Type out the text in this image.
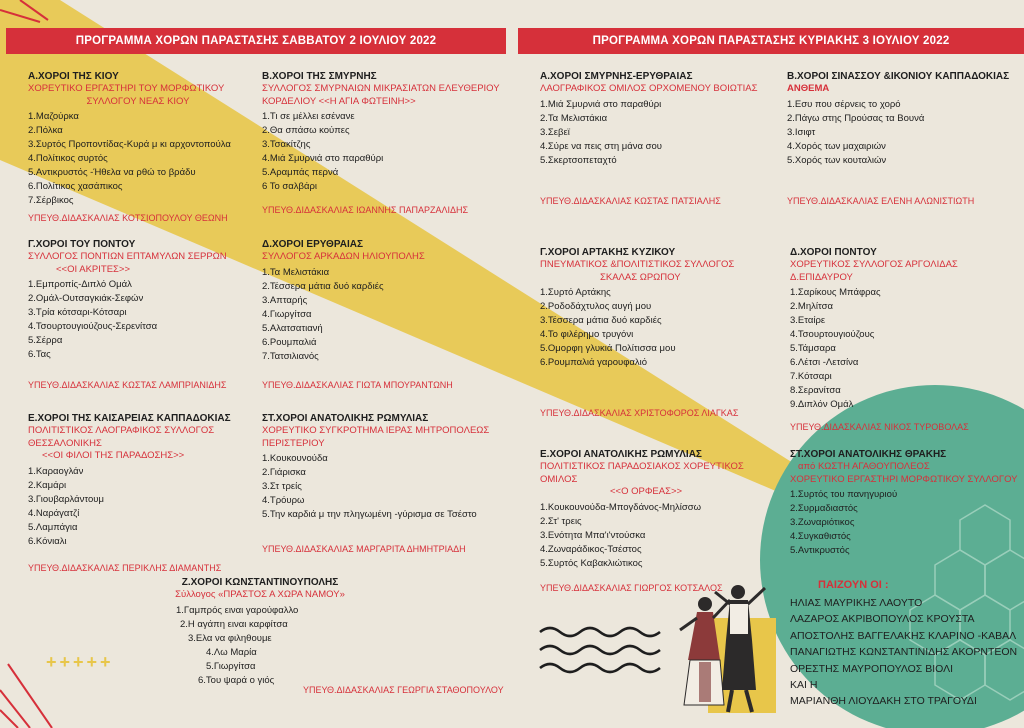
ΠΡΟΓΡΑΜΜΑ ΧΟΡΩΝ ΠΑΡΑΣΤΑΣΗΣ ΣΑΒΒΑΤΟΥ 2 ΙΟΥΛΙΟΥ 2022	ΠΡΟΓΡΑΜΜΑ ΧΟΡΩΝ ΠΑΡΑΣΤΑΣΗΣ ΚΥΡΙΑΚΗΣ 3 ΙΟΥΛΙΟΥ 2022
Α.ΧΟΡΟΙ ΤΗΣ ΚΙΟΥ
ΧΟΡΕΥΤΙΚΟ ΕΡΓΑΣΤΗΡΙ ΤΟΥ ΜΟΡΦΩΤΙΚΟΥ
ΣΥΛΛΟΓΟΥ ΝΕΑΣ ΚΙΟΥ
1.Μαζούρκα
2.Πόλκα
3.Συρτός Προποντίδας-Κυρά μ κι αρχοντοπούλα
4.Πολίτικος συρτός
5.Αντικρυστός -Ήθελα να ρθώ το βράδυ
6.Πολίτικος χασάπικος
7.Σέρβικος
ΥΠΕΥΘ.ΔΙΔΑΣΚΑΛΙΑΣ ΚΟΤΣΙΟΠΟΥΛΟΥ ΘΕΩΝΗ
Β.ΧΟΡΟΙ ΤΗΣ ΣΜΥΡΝΗΣ
ΣΥΛΛΟΓΟΣ ΣΜΥΡΝΑΙΩΝ ΜΙΚΡΑΣΙΑΤΩΝ ΕΛΕΥΘΕΡΙΟΥ
ΚΟΡΔΕΛΙΟΥ <<Η ΑΓΙΑ ΦΩΤΕΙΝΗ>>
1.Τι σε μέλλει εσένανε
2.Θα σπάσω κούπες
3.Τσακίτζης
4.Μιά Σμυρνιά στο παραθύρι
5.Αραμπάς περνά
6 Το σαλβάρι
ΥΠΕΥΘ.ΔΙΔΑΣΚΑΛΙΑΣ ΙΩΑΝΝΗΣ ΠΑΠΑΡΖΑΛΙΔΗΣ
Γ.ΧΟΡΟΙ ΤΟΥ ΠΟΝΤΟΥ
ΣΥΛΛΟΓΟΣ ΠΟΝΤΙΩΝ ΕΠΤΑΜΥΛΩΝ ΣΕΡΡΩΝ
<<ΟΙ ΑΚΡΙΤΕΣ>>
1.Εμπροπίς-Διπλό Ομάλ
2.Ομάλ-Ουτσαγκιάκ-Σεφών
3.Τρία κότσαρι-Κότσαρι
4.Τσουρτουγιούζους-Σερενίτσα
5.Σέρρα
6.Τας
ΥΠΕΥΘ.ΔΙΔΑΣΚΑΛΙΑΣ ΚΩΣΤΑΣ ΛΑΜΠΡΙΑΝΙΔΗΣ
Δ.ΧΟΡΟΙ ΕΡΥΘΡΑΙΑΣ
ΣΥΛΛΟΓΟΣ ΑΡΚΑΔΩΝ ΗΛΙΟΥΠΟΛΗΣ
1.Τα Μελιστάκια
2.Τέσσερα μάτια δυό καρδιές
3.Απταρής
4.Γιωργίτσα
5.Αλατσατιανή
6.Ρουμπαλιά
7.Τατσιλιανός
ΥΠΕΥΘ.ΔΙΔΑΣΚΑΛΙΑΣ ΓΙΩΤΑ ΜΠΟΥΡΑΝΤΩΝΗ
Ε.ΧΟΡΟΙ ΤΗΣ ΚΑΙΣΑΡΕΙΑΣ ΚΑΠΠΑΔΟΚΙΑΣ
ΠΟΛΙΤΙΣΤΙΚΟΣ ΛΑΟΓΡΑΦΙΚΟΣ ΣΥΛΛΟΓΟΣ ΘΕΣΣΑΛΟΝΙΚΗΣ
<<ΟΙ ΦΙΛΟΙ ΤΗΣ ΠΑΡΑΔΟΣΗΣ>>
1.Καραογλάν
2.Καμάρι
3.Γιουβαρλάντουμ
4.Ναράγατζί
5.Λαμπάγια
6.Κόνιαλι
ΥΠΕΥΘ.ΔΙΔΑΣΚΑΛΙΑΣ ΠΕΡΙΚΛΗΣ ΔΙΑΜΑΝΤΗΣ
ΣΤ.ΧΟΡΟΙ ΑΝΑΤΟΛΙΚΗΣ ΡΩΜΥΛΙΑΣ
ΧΟΡΕΥΤΙΚΟ ΣΥΓΚΡΟΤΗΜΑ ΙΕΡΑΣ ΜΗΤΡΟΠΟΛΕΩΣ
ΠΕΡΙΣΤΕΡΙΟΥ
1.Κουκουνούδα
2.Γιάρισκα
3.Στ τρείς
4.Τρόυρω
5.Την καρδιά μ την πληγωμένη -γύρισμα σε Τσέστο
ΥΠΕΥΘ.ΔΙΔΑΣΚΑΛΙΑΣ ΜΑΡΓΑΡΙΤΑ ΔΗΜΗΤΡΙΑΔΗ
Ζ.ΧΟΡΟΙ ΚΩΝΣΤΑΝΤΙΝΟΥΠΟΛΗΣ
Σύλλογος «ΠΡΑΣΤΟΣ Α ΧΩΡΑ ΝΑΜΟΥ»
1.Γαμπρός ειναι γαρούφαλλο
2.Η αγάπη ειναι καρφίτσα
3.Ελα να φιληθουμε
4.Λω Μαρία
5.Γιωργίτσα
6.Του ψαρά ο γιός
ΥΠΕΥΘ.ΔΙΔΑΣΚΑΛΙΑΣ ΓΕΩΡΓΙΑ ΣΤΑΘΟΠΟΥΛΟΥ
+++++
Α.ΧΟΡΟΙ ΣΜΥΡΝΗΣ-ΕΡΥΘΡΑΙΑΣ
ΛΑΟΓΡΑΦΙΚΟΣ ΟΜΙΛΟΣ ΟΡΧΟΜΕΝΟΥ ΒΟΙΩΤΙΑΣ
1.Μιά Σμυρνιά στο παραθύρι
2.Τα Μελιστάκια
3.Σεβεϊ
4.Σύρε να πεις στη μάνα σου
5.Σκερτσοπεταχτό
ΥΠΕΥΘ.ΔΙΔΑΣΚΑΛΙΑΣ ΚΩΣΤΑΣ ΠΑΤΣΙΑΛΗΣ
Β.ΧΟΡΟΙ ΣΙΝΑΣΣΟΥ &ΙΚΟΝΙΟΥ ΚΑΠΠΑΔΟΚΙΑΣ
ΑΝΘΕΜΑ
1.Εσυ που σέρνεις το χορό
2.Πάγω στης Προύσας τα Βουνά
3.Ισιφτ
4.Χορός των μαχαιριών
5.Χορός των κουταλιών
ΥΠΕΥΘ.ΔΙΔΑΣΚΑΛΙΑΣ ΕΛΕΝΗ ΑΛΩΝΙΣΤΙΩΤΗ
Γ.ΧΟΡΟΙ ΑΡΤΑΚΗΣ ΚΥΖΙΚΟΥ
ΠΝΕΥΜΑΤΙΚΟΣ &ΠΟΛΙΤΙΣΤΙΚΟΣ ΣΥΛΛΟΓΟΣ
ΣΚΑΛΑΣ ΩΡΩΠΟΥ
1.Συρτό Αρτάκης
2.Ροδοδάχτυλος αυγή μου
3.Τέσσερα μάτια δυό καρδιές
4.Το φιλέρημο τρυγόνι
5.Ομορφη γλυκιά Πολίτισσα μου
6.Ρουμπαλιά γαρουφαλιό
ΥΠΕΥΘ.ΔΙΔΑΣΚΑΛΙΑΣ ΧΡΙΣΤΟΦΟΡΟΣ ΛΙΑΓΚΑΣ
Δ.ΧΟΡΟΙ ΠΟΝΤΟΥ
ΧΟΡΕΥΤΙΚΟΣ ΣΥΛΛΟΓΟΣ ΑΡΓΟΛΙΔΑΣ Δ.ΕΠΙΔΑΥΡΟΥ
1.Σαρίκους Μπάφρας
2.Μηλίτσα
3.Εταίρε
4.Τσουρτουγιούζους
5.Τάμσαρα
6.Λέτσι -Λετσίνα
7.Κότσαρι
8.Σερανίτσα
9.Διπλόν Ομάλ
ΥΠΕΥΘ.ΔΙΔΑΣΚΑΛΙΑΣ ΝΙΚΟΣ ΤΥΡΟΒΟΛΑΣ
Ε.ΧΟΡΟΙ ΑΝΑΤΟΛΙΚΗΣ ΡΩΜΥΛΙΑΣ
ΠΟΛΙΤΙΣΤΙΚΟΣ ΠΑΡΑΔΟΣΙΑΚΟΣ ΧΟΡΕΥΤΙΚΟΣ ΟΜΙΛΟΣ
<<Ο ΟΡΦΕΑΣ>>
1.Κουκουνούδα-Μπογδάνος-Μηλίσσω
2.Στ' τρεις
3.Ενότητα Μπα'ι'ντούσκα
4.Ζωναράδικος-Τσέστος
5.Συρτός Καβακλιώτικος
ΥΠΕΥΘ.ΔΙΔΑΣΚΑΛΙΑΣ ΓΙΩΡΓΟΣ ΚΟΤΣΑΛΟΣ
ΣΤ.ΧΟΡΟΙ ΑΝΑΤΟΛΙΚΗΣ ΘΡΑΚΗΣ
από ΚΩΣΤΗ ΑΓΑΘΟΥΠΟΛΕΟΣ
ΧΟΡΕΥΤΙΚΟ ΕΡΓΑΣΤΗΡΙ ΜΟΡΦΩΤΙΚΟΥ ΣΥΛΛΟΓΟΥ
1.Συρτός του πανηγυριού
2.Συρμαδιαστός
3.Ζωναριότικος
4.Συγκαθιστός
5.Αντικρυστός
ΠΑΙΖΟΥΝ ΟΙ :
ΗΛΙΑΣ ΜΑΥΡΙΚΗΣ ΛΑΟΥΤΟ
ΛΑΖΑΡΟΣ ΑΚΡΙΒΟΠΟΥΛΟΣ ΚΡΟΥΣΤΑ
ΑΠΟΣΤΟΛΗΣ ΒΑΓΓΕΛΑΚΗΣ ΚΛΑΡΙΝΟ -ΚΑΒΑΛ
ΠΑΝΑΓΙΩΤΗΣ ΚΩΝΣΤΑΝΤΙΝΙΔΗΣ ΑΚΟΡΝΤΕΟΝ
ΟΡΕΣΤΗΣ ΜΑΥΡΟΠΟΥΛΟΣ ΒΙΟΛΙ
ΚΑΙ Η
ΜΑΡΙΑΝΘΗ ΛΙΟΥΔΑΚΗ ΣΤΟ ΤΡΑΓΟΥΔΙ
